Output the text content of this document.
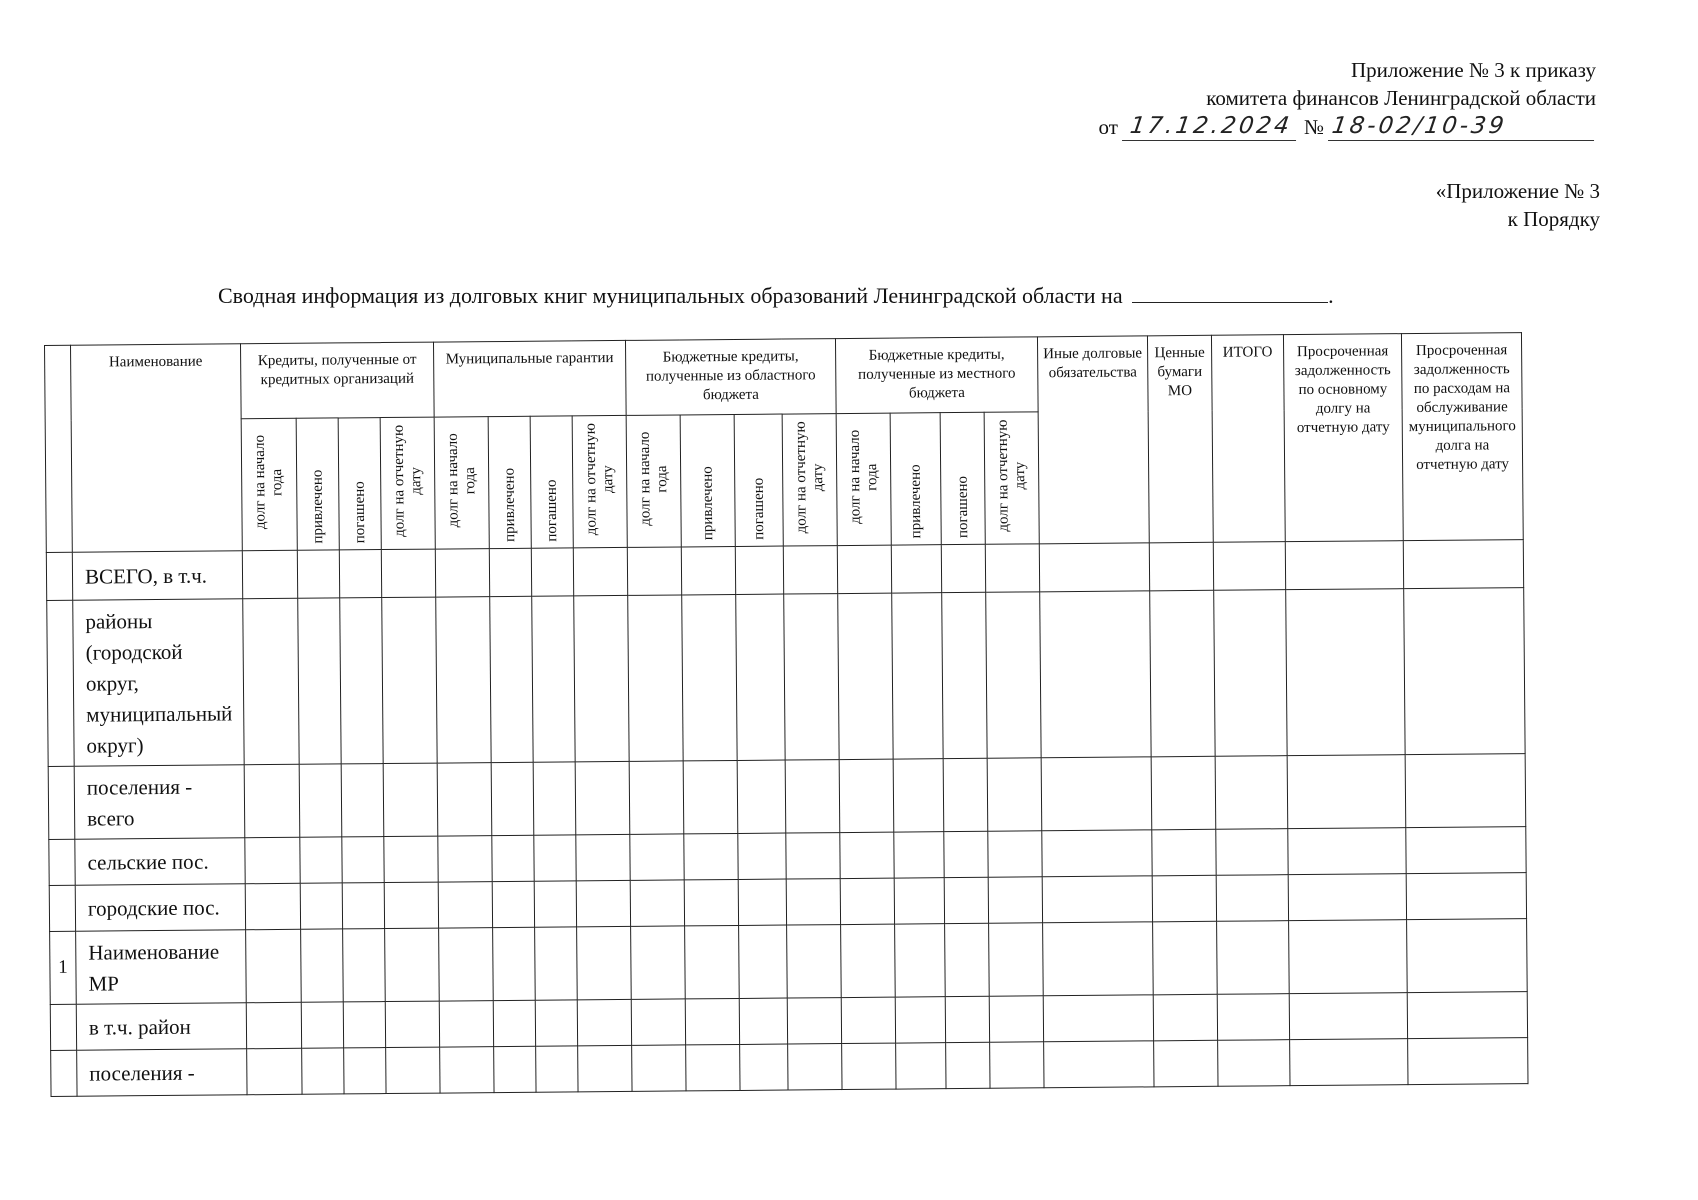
Приложение № 3 к приказу
комитета финансов Ленинградской области
от 17.12.2024 № 18-02/10-39
«Приложение № 3
к Порядку
Сводная информация из долговых книг муниципальных образований Ленинградской области на	.
	Наименование	Кредиты, полученные от кредитных организаций				Муниципальные гарантии				Бюджетные кредиты, полученные из областного бюджета				Бюджетные кредиты, полученные из местного бюджета				Иные долговые обязательства	Ценные бумаги МО	ИТОГО	Просроченная задолженность по основному долгу на отчетную дату	Просроченная задолженность по расходам на обслуживание муниципального долга на отчетную дату

		долг на начало года	привлечено	погашено	долг на отчетную дату	долг на начало года	привлечено	погашено	долг на отчетную дату	долг на начало года	привлечено	погашено	долг на отчетную дату	долг на начало года	привлечено	погашено	долг на отчетную дату					

	ВСЕГО, в т.ч.																					
	районы (городской округ, муниципальный округ)																					
	поселения - всего																					
	сельские пос.																					
	городские пос.																					
1	Наименование МР																					
	в т.ч. район																					
	поселения -																					
